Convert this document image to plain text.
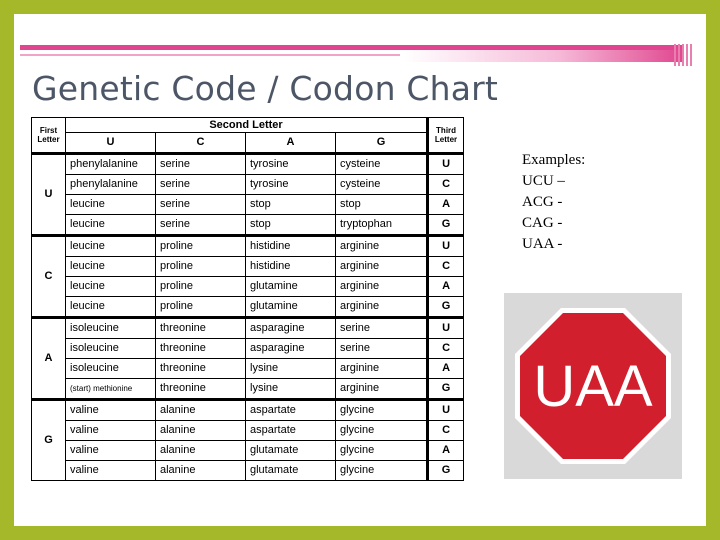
Genetic Code / Codon Chart
First
Letter	Second Letter				Third
Letter
	U	C	A	G	
U	phenylalanine	serine	tyrosine	cysteine	U
	phenylalanine	serine	tyrosine	cysteine	C
	leucine	serine	stop	stop	A
	leucine	serine	stop	tryptophan	G
C	leucine	proline	histidine	arginine	U
	leucine	proline	histidine	arginine	C
	leucine	proline	glutamine	arginine	A
	leucine	proline	glutamine	arginine	G
A	isoleucine	threonine	asparagine	serine	U
	isoleucine	threonine	asparagine	serine	C
	isoleucine	threonine	lysine	arginine	A
	(start) methionine	threonine	lysine	arginine	G
G	valine	alanine	aspartate	glycine	U
	valine	alanine	aspartate	glycine	C
	valine	alanine	glutamate	glycine	A
	valine	alanine	glutamate	glycine	G
Examples:
UCU –
ACG -
CAG -
UAA -
UAA
